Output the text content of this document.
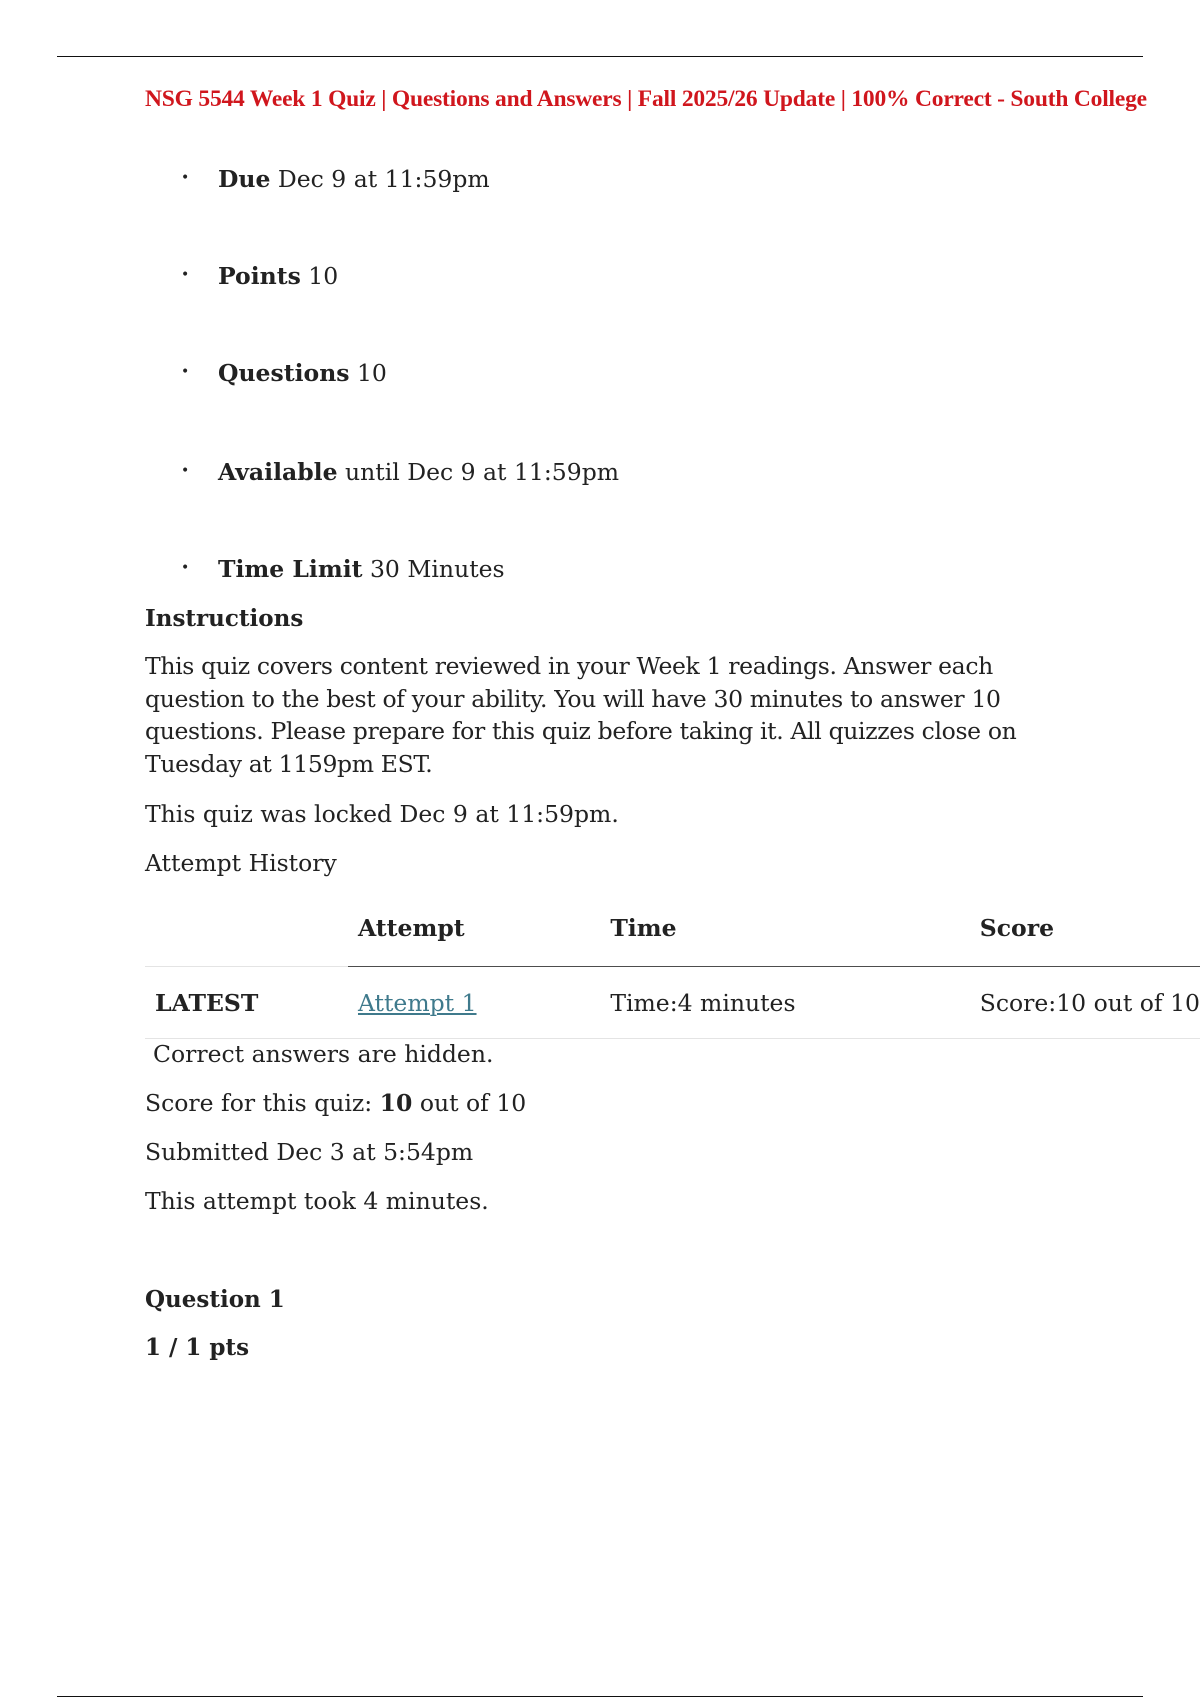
NSG 5544 Week 1 Quiz | Questions and Answers | Fall 2025/26 Update | 100% Correct - South College
• Due Dec 9 at 11:59pm
• Points 10
• Questions 10
• Available until Dec 9 at 11:59pm
• Time Limit 30 Minutes
Instructions

This quiz covers content reviewed in your Week 1 readings. Answer each question to the best of your ability. You will have 30 minutes to answer 10 questions. Please prepare for this quiz before taking it. All quizzes close on Tuesday at 1159pm EST.

This quiz was locked Dec 9 at 11:59pm.
Attempt History
	Attempt	Time	Score
LATEST	Attempt 1	Time:4 minutes	Score:10 out of 10
Correct answers are hidden.
Score for this quiz: 10 out of 10
Submitted Dec 3 at 5:54pm
This attempt took 4 minutes.
Question 1
1 / 1 pts
